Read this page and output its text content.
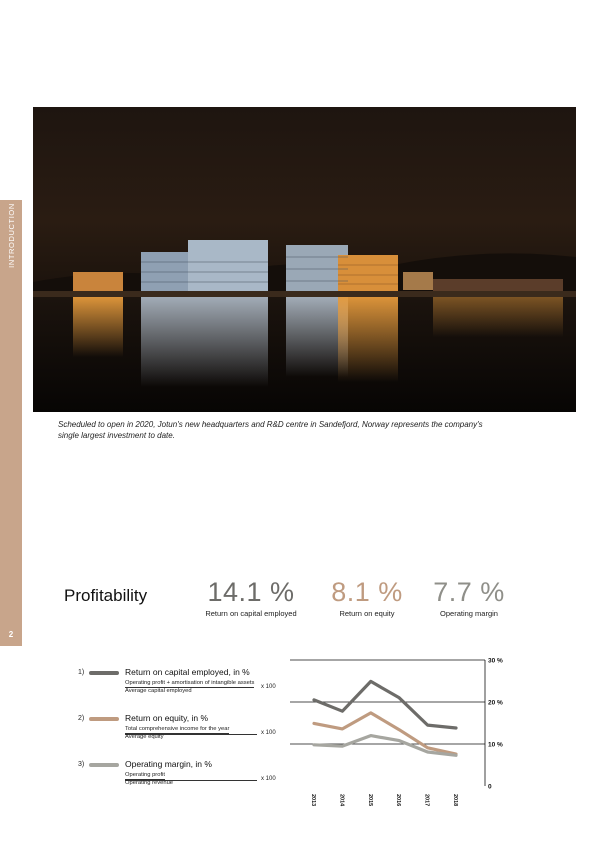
INTRODUCTION
2
Scheduled to open in 2020, Jotun's new headquarters and R&D centre in Sandefjord, Norway represents the company's single largest investment to date.
Profitability	14.1 %
Return on capital employed
8.1 %
Return on equity
7.7 %
Operating margin
1)	Return on capital employed, in %
Operating profit + amortisation of intangible assets
Average capital employed
x 100
2)	Return on equity, in %
Total comprehensive income for the year
Average equity
x 100
3)	Operating margin, in %
Operating profit
Operating revenue
x 100
0
10 %
20 %
30 %
2013	2014	2015	2016	2017	2018
